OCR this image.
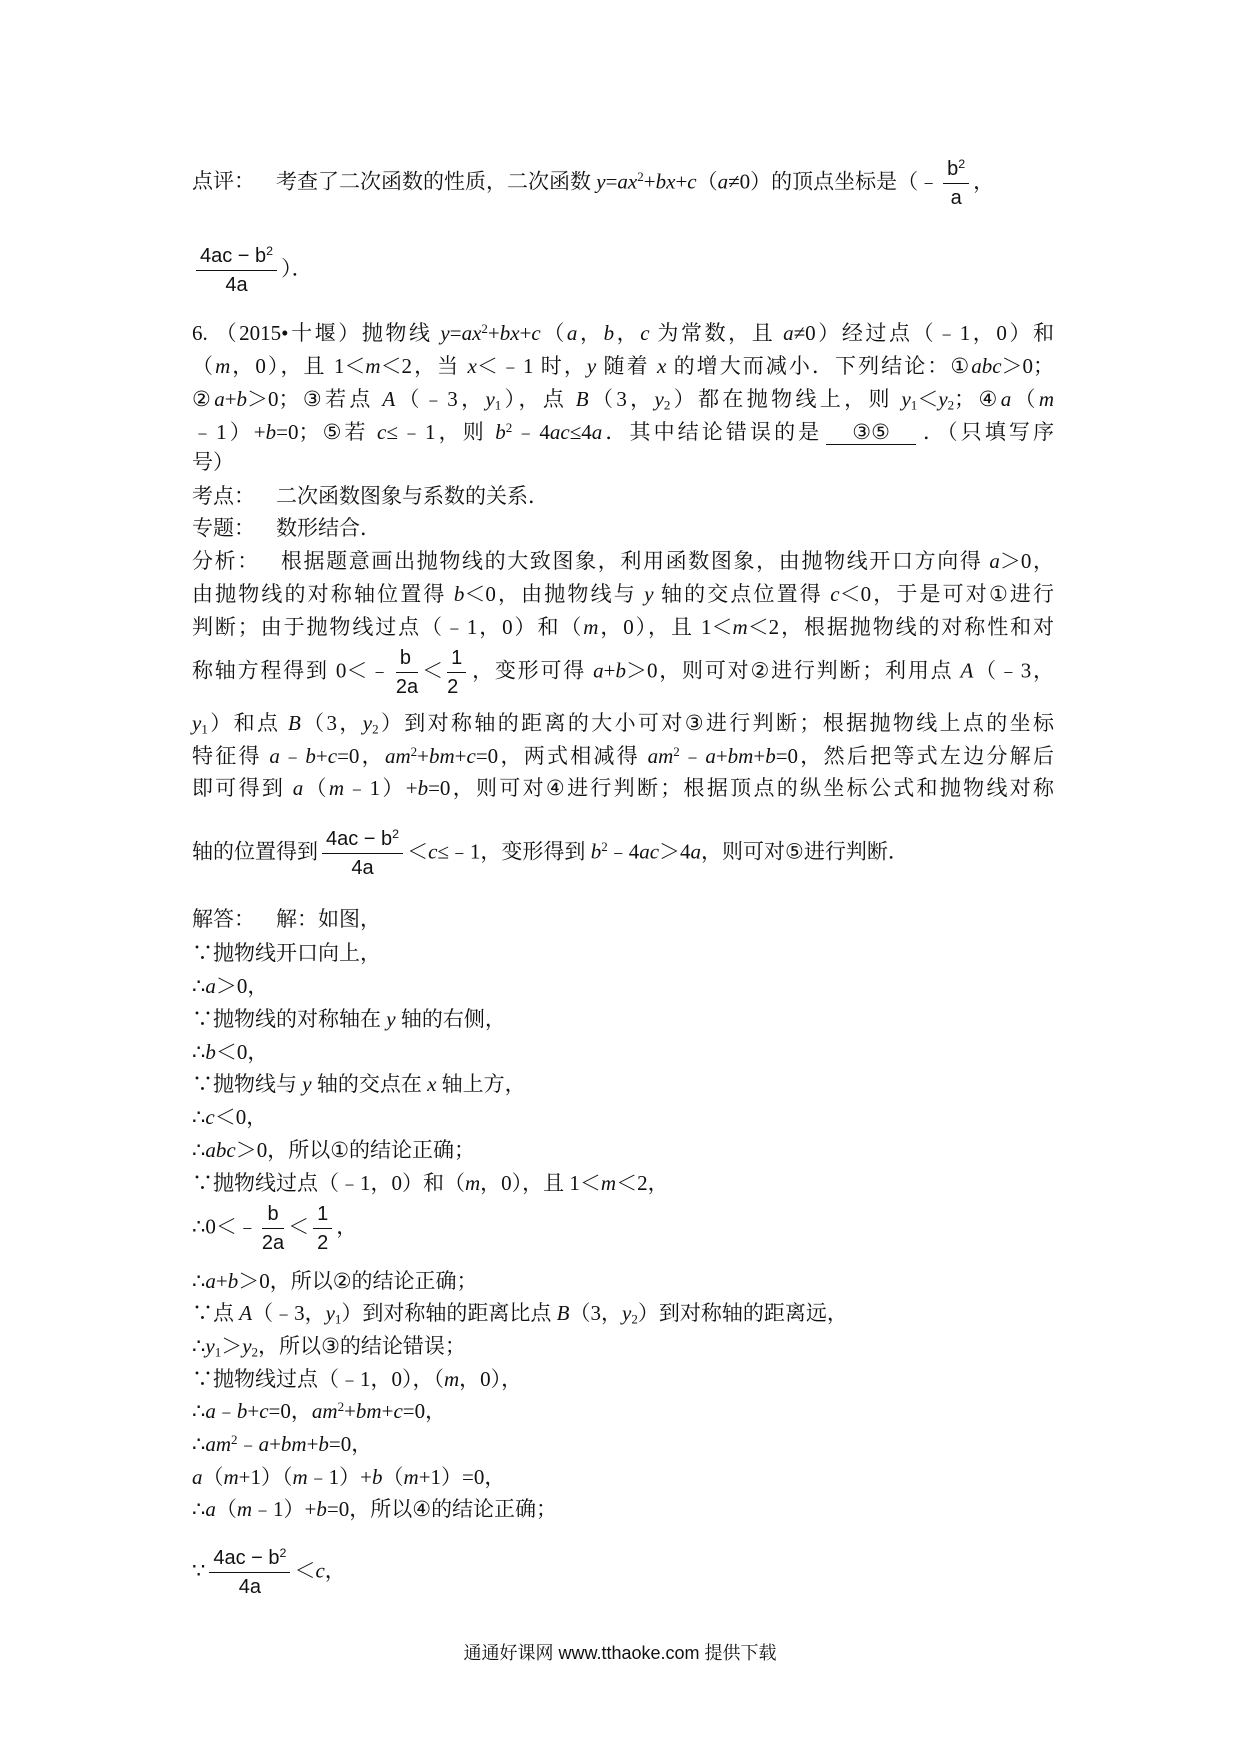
点评： 考查了二次函数的性质，二次函数 $y=ax^2+bx+c(a\ne 0)$的顶点坐标是（﹣ $\frac{b^2}{a}$ ，
$\frac{4ac - b^2}{4a}$ ）．
6. （2015•十堰）抛物线 $y=ax^2+bx+c(a$，b，c 为常数，且 a≠0）经过点（﹣1，0）和
（m，0），且 1＜m＜2，当 x＜﹣1 时，y 随着 x 的增大而减小．下列结论：①abc＞0；
②a+b＞0；③若点 A（﹣3，$y_1$），点 B（3，$y_2$）都在抛物线上，则 $y_1<y_2$；④a（m
﹣1）+b=0；⑤若 c≤﹣1，则 $b^2﹣4ac\le 4a$．其中结论错误的是 ③⑤ ．（只填写序
号）
考点： 二次函数图象与系数的关系．
专题： 数形结合．
分析： 根据题意画出抛物线的大致图象，利用函数图象，由抛物线开口方向得 a＞0，
由抛物线的对称轴位置得 b＜0，由抛物线与 y 轴的交点位置得 c＜0，于是可对①进行
判断；由于抛物线过点（﹣1，0）和（m，0），且 1＜m＜2，根据抛物线的对称性和对
称轴方程得到 0＜﹣ $\frac{b}{2a} < \frac{1}{2}$ ，变形可得 a+b＞0，则可对②进行判断；利用点 A（﹣3，
$y_1$）和点 B（3，$y_2$）到对称轴的距离的大小可对③进行判断；根据抛物线上点的坐标
特征得 a﹣b+c=0，$am^2+bm+c=0$，两式相减得 $am^2﹣a+bm+b=0$，然后把等式左边分解后
即可得到 a（m﹣1）+b=0，则可对④进行判断；根据顶点的纵坐标公式和抛物线对称
轴的位置得到 $\frac{4ac - b^2}{4a}$ ＜c≤﹣1，变形得到 $b^2﹣4ac>4a$，则可对⑤进行判断．
解答： 解：如图，
∵抛物线开口向上，
∴a＞0，
∵抛物线的对称轴在 y 轴的右侧，
∴b＜0，
∵抛物线与 y 轴的交点在 x 轴上方，
∴c＜0，
∴abc＞0，所以①的结论正确；
∵抛物线过点（﹣1，0）和（m，0），且 1＜m＜2，
∴0＜﹣ $\frac{b}{2a} < \frac{1}{2}$ ，
∴a+b＞0，所以②的结论正确；
∵点 A（﹣3，$y_1$）到对称轴的距离比点 B（3，$y_2$）到对称轴的距离远，
$\therefore y_1>y_2$，所以③的结论错误；
∵抛物线过点（﹣1，0），（m，0），
∴a﹣b+c=0，$am^2+bm+c=0$，
$\therefore am^2﹣a+bm+b=0$，
a（m+1）（m﹣1）+b（m+1）=0，
∴a（m﹣1）+b=0，所以④的结论正确；
∵ $\frac{4ac - b^2}{4a} <c$，
通通好课网 www.tthaoke.com 提供下载
